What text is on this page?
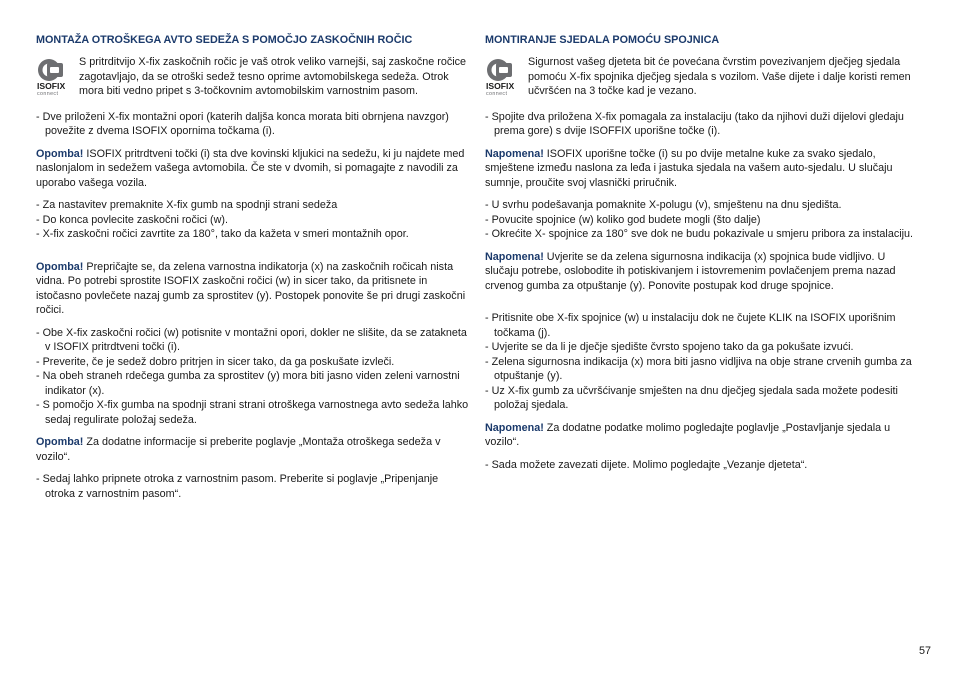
MONTAŽA OTROŠKEGA AVTO SEDEŽA S POMOČJO ZASKOČNIH ROČIC
ISOFIX
connect
S pritrditvijo X-fix zaskočnih ročic je vaš otrok veliko varnejši, saj zaskočne ročice zagotavljajo, da se otroški sedež tesno oprime avtomobilskega sedeža. Otrok mora biti vedno pripet s 3-točkovnim avtomobilskim varnostnim pasom.
- Dve priloženi X-fix montažni opori (katerih daljša konca morata biti obrnjena navzgor) povežite z dvema ISOFIX opornima točkama (i).

Opomba! ISOFIX pritrdtveni točki (i) sta dve kovinski kljukici na sedežu, ki ju najdete med naslonjalom in sedežem vašega avtomobila. Če ste v dvomih, si pomagajte z navodili za uporabo vašega vozila.

- Za nastavitev premaknite X-fix gumb na spodnji strani sedeža
- Do konca povlecite zaskočni ročici (w).
- X-fix zaskočni ročici zavrtite za 180°, tako da kažeta v smeri montažnih opor.

Opomba! Prepričajte se, da zelena varnostna indikatorja (x) na zaskočnih ročicah nista vidna. Po potrebi sprostite ISOFIX zaskočni ročici (w) in sicer tako, da pritisnete in istočasno povlečete nazaj gumb za sprostitev (y). Postopek ponovite še pri drugi zaskočni ročici.

- Obe X-fix zaskočni ročici (w) potisnite v montažni opori, dokler ne slišite, da se zatakneta v ISOFIX pritrdtveni točki (i).
- Preverite, če je sedež dobro pritrjen in sicer tako, da ga poskušate izvleči.
- Na obeh straneh rdečega gumba za sprostitev (y) mora biti jasno viden zeleni varnostni indikator (x).
- S pomočjo X-fix gumba na spodnji strani strani otroškega varnostnega avto sedeža lahko sedaj regulirate položaj sedeža.

Opomba! Za dodatne informacije si preberite poglavje „Montaža otroškega sedeža v vozilo“.

- Sedaj lahko pripnete otroka z varnostnim pasom. Preberite si poglavje „Pripenjanje otroka z varnostnim pasom“.
MONTIRANJE SJEDALA POMOĆU SPOJNICA
ISOFIX
connect
Sigurnost vašeg djeteta bit će povećana čvrstim povezivanjem dječjeg sjedala pomoću X-fix spojnika dječjeg sjedala s vozilom. Vaše dijete i dalje koristi remen učvršćen na 3 točke kad je vezano.
- Spojite dva priložena X-fix pomagala za instalaciju (tako da njihovi duži dijelovi gledaju prema gore) s dvije ISOFFIX uporišne točke (i).

Napomena! ISOFIX uporišne točke (i) su po dvije metalne kuke za svako sjedalo, smještene između naslona za leđa i jastuka sjedala na vašem auto-sjedalu. U slučaju sumnje, proučite svoj vlasnički priručnik.

- U svrhu podešavanja pomaknite X-polugu (v), smještenu na dnu sjedišta.
- Povucite spojnice (w) koliko god budete mogli (što dalje)
- Okrećite X- spojnice za 180° sve dok ne budu pokazivale u smjeru pribora za instalaciju.

Napomena! Uvjerite se da zelena sigurnosna indikacija (x) spojnica bude vidljivo. U slučaju potrebe, oslobodite ih potiskivanjem i istovremenim povlačenjem prema nazad crvenog gumba za otpuštanje (y). Ponovite postupak kod druge spojnice.

- Pritisnite obe X-fix spojnice (w) u instalaciju dok ne čujete KLIK na ISOFIX uporišnim točkama (j).
- Uvjerite se da li je dječje sjedište čvrsto spojeno tako da ga pokušate izvući.
- Zelena sigurnosna indikacija (x) mora biti jasno vidljiva na obje strane crvenih gumba za otpuštanje (y).
- Uz X-fix gumb za učvršćivanje smješten na dnu dječjeg sjedala sada možete podesiti položaj sjedala.

Napomena! Za dodatne podatke molimo pogledajte poglavlje „Postavljanje sjedala u vozilo“.

- Sada možete zavezati dijete. Molimo pogledajte „Vezanje djeteta“.
57
